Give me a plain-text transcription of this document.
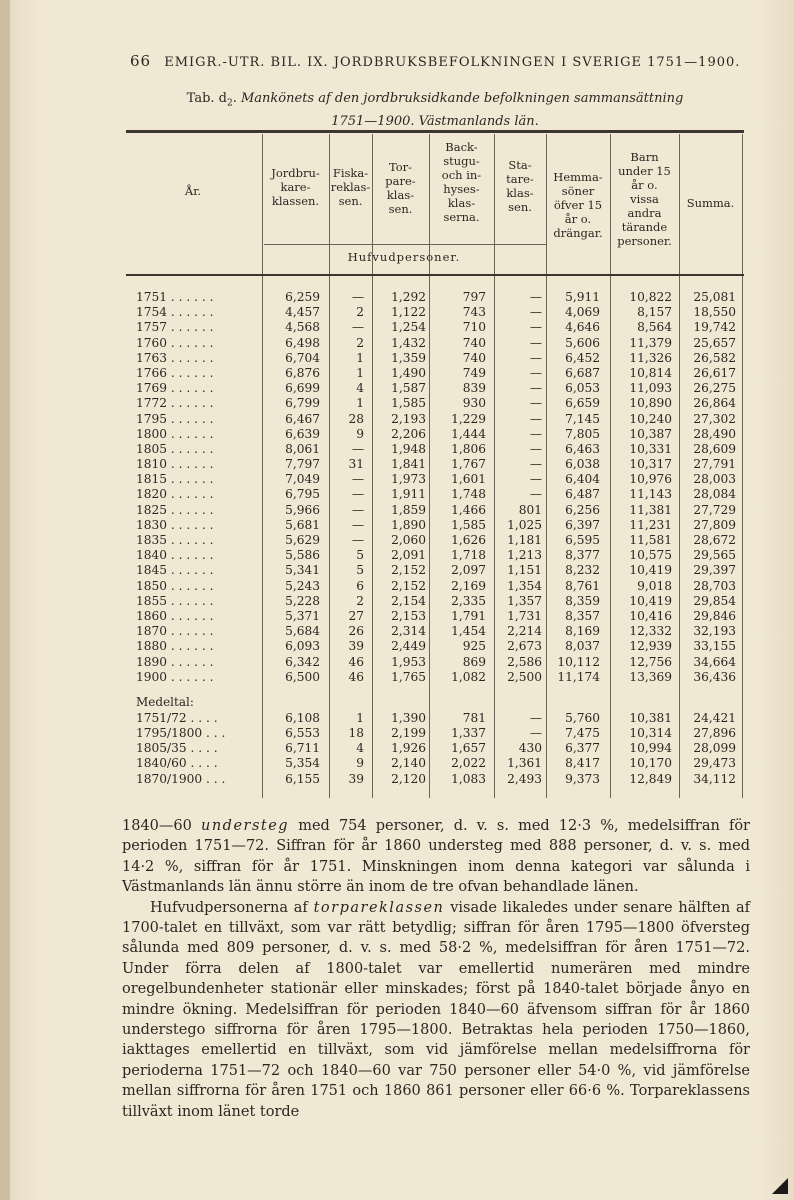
66 EMIGR.-UTR. BIL. IX. JORDBRUKSBEFOLKNINGEN I SVERIGE 1751—1900.
Tab. $d_2$. Mankönets af den jordbruksidkande befolkningen sammansättning
1751—1900. Västmanlands län.
År.
Jordbru-
kare-
klassen.
Fiska-
reklas-
sen.
Tor-
pare-
klas-
sen.
Back-
stugu-
och in-
hyses-
klas-
serna.
Sta-
tare-
klas-
sen.
Hemma-
söner
öfver 15
år o.
drängar.
Barn
under 15
år o.
vissa
andra
tärande
personer.
Summa.
Hufvudpersoner.
1751 . . . . . .	6,259	—	1,292	797	—	5,911	10,822	25,081
1754 . . . . . .	4,457	2	1,122	743	—	4,069	8,157	18,550
1757 . . . . . .	4,568	—	1,254	710	—	4,646	8,564	19,742
1760 . . . . . .	6,498	2	1,432	740	—	5,606	11,379	25,657
1763 . . . . . .	6,704	1	1,359	740	—	6,452	11,326	26,582
1766 . . . . . .	6,876	1	1,490	749	—	6,687	10,814	26,617
1769 . . . . . .	6,699	4	1,587	839	—	6,053	11,093	26,275
1772 . . . . . .	6,799	1	1,585	930	—	6,659	10,890	26,864
1795 . . . . . .	6,467	28	2,193	1,229	—	7,145	10,240	27,302
1800 . . . . . .	6,639	9	2,206	1,444	—	7,805	10,387	28,490
1805 . . . . . .	8,061	—	1,948	1,806	—	6,463	10,331	28,609
1810 . . . . . .	7,797	31	1,841	1,767	—	6,038	10,317	27,791
1815 . . . . . .	7,049	—	1,973	1,601	—	6,404	10,976	28,003
1820 . . . . . .	6,795	—	1,911	1,748	—	6,487	11,143	28,084
1825 . . . . . .	5,966	—	1,859	1,466	801	6,256	11,381	27,729
1830 . . . . . .	5,681	—	1,890	1,585	1,025	6,397	11,231	27,809
1835 . . . . . .	5,629	—	2,060	1,626	1,181	6,595	11,581	28,672
1840 . . . . . .	5,586	5	2,091	1,718	1,213	8,377	10,575	29,565
1845 . . . . . .	5,341	5	2,152	2,097	1,151	8,232	10,419	29,397
1850 . . . . . .	5,243	6	2,152	2,169	1,354	8,761	9,018	28,703
1855 . . . . . .	5,228	2	2,154	2,335	1,357	8,359	10,419	29,854
1860 . . . . . .	5,371	27	2,153	1,791	1,731	8,357	10,416	29,846
1870 . . . . . .	5,684	26	2,314	1,454	2,214	8,169	12,332	32,193
1880 . . . . . .	6,093	39	2,449	925	2,673	8,037	12,939	33,155
1890 . . . . . .	6,342	46	1,953	869	2,586	10,112	12,756	34,664
1900 . . . . . .	6,500	46	1,765	1,082	2,500	11,174	13,369	36,436
Medeltal:
1751/72 . . . .	6,108	1	1,390	781	—	5,760	10,381	24,421
1795/1800 . . .	6,553	18	2,199	1,337	—	7,475	10,314	27,896
1805/35 . . . .	6,711	4	1,926	1,657	430	6,377	10,994	28,099
1840/60 . . . .	5,354	9	2,140	2,022	1,361	8,417	10,170	29,473
1870/1900 . . .	6,155	39	2,120	1,083	2,493	9,373	12,849	34,112

1840—60 understeg med 754 personer, d. v. s. med 12·3 %, medelsiffran för perioden 1751—72. Siffran för år 1860 understeg med 888 personer, d. v. s. med 14·2 %, siffran för år 1751. Minskningen inom denna kategori var sålunda i Västmanlands län ännu större än inom de tre ofvan behandlade länen.

Hufvudpersonerna af torpareklassen visade likaledes under senare hälften af 1700-talet en tillväxt, som var rätt betydlig; siffran för åren 1795—1800 öfversteg sålunda med 809 personer, d. v. s. med 58·2 %, medelsiffran för åren 1751—72. Under förra delen af 1800-talet var emellertid numerären med mindre oregelbundenheter stationär eller minskades; först på 1840-talet började ånyo en mindre ökning. Medelsiffran för perioden 1840—60 äfvensom siffran för år 1860 understego siffrorna för åren 1795—1800. Betraktas hela perioden 1750—1860, iakttages emellertid en tillväxt, som vid jämförelse mellan medelsiffrorna för perioderna 1751—72 och 1840—60 var 750 personer eller 54·0 %, vid jämförelse mellan siffrorna för åren 1751 och 1860 861 personer eller 66·6 %. Torpareklassens tillväxt inom länet torde
